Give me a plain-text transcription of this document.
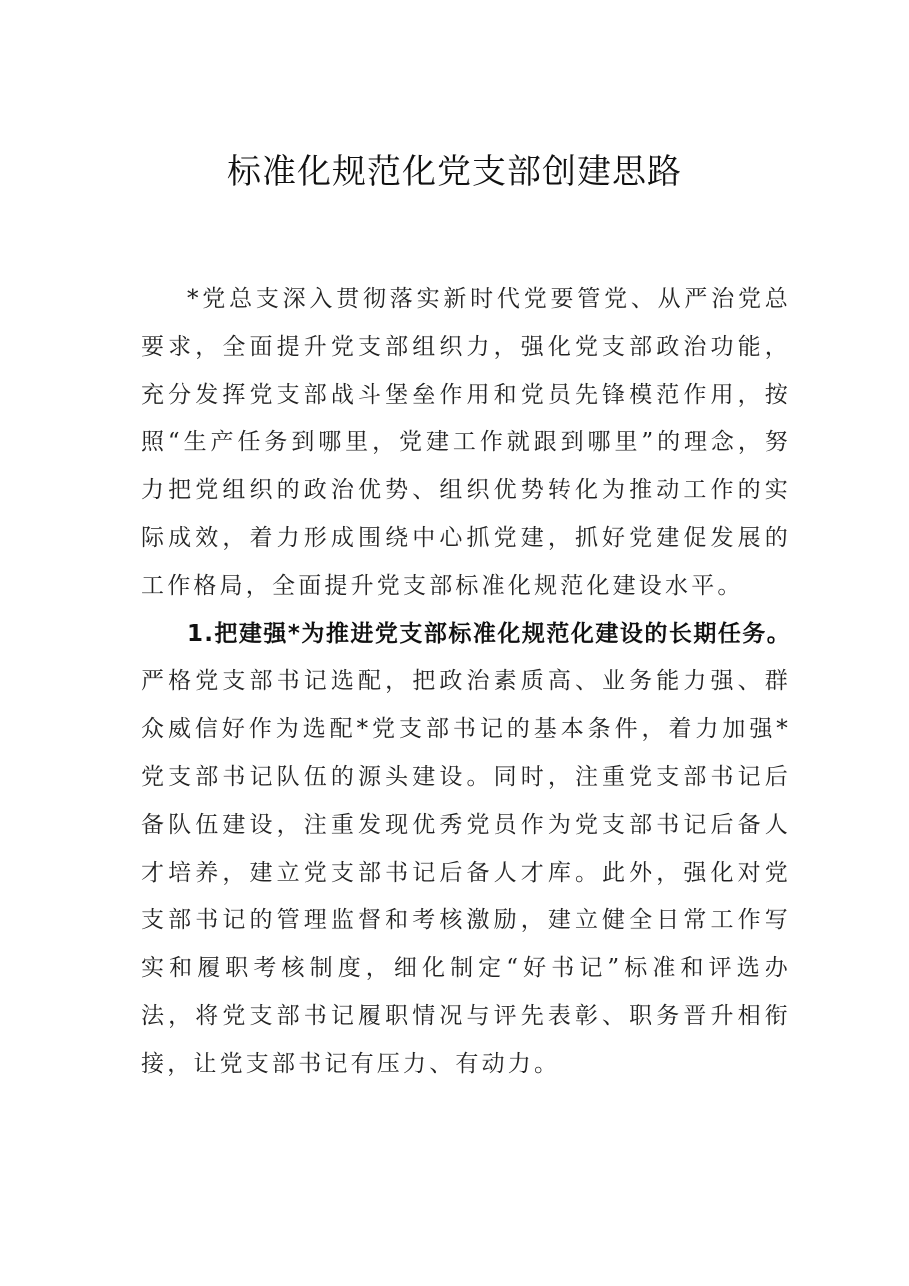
标准化规范化党支部创建思路

*党总支深入贯彻落实新时代党要管党、从严治党总要求，全面提升党支部组织力，强化党支部政治功能，充分发挥党支部战斗堡垒作用和党员先锋模范作用，按照“生产任务到哪里，党建工作就跟到哪里”的理念，努力把党组织的政治优势、组织优势转化为推动工作的实际成效，着力形成围绕中心抓党建，抓好党建促发展的工作格局，全面提升党支部标准化规范化建设水平。

1.把建强*为推进党支部标准化规范化建设的长期任务。严格党支部书记选配，把政治素质高、业务能力强、群众威信好作为选配*党支部书记的基本条件，着力加强*党支部书记队伍的源头建设。同时，注重党支部书记后备队伍建设，注重发现优秀党员作为党支部书记后备人才培养，建立党支部书记后备人才库。此外，强化对党支部书记的管理监督和考核激励，建立健全日常工作写实和履职考核制度，细化制定“好书记”标准和评选办法，将党支部书记履职情况与评先表彰、职务晋升相衔接，让党支部书记有压力、有动力。
